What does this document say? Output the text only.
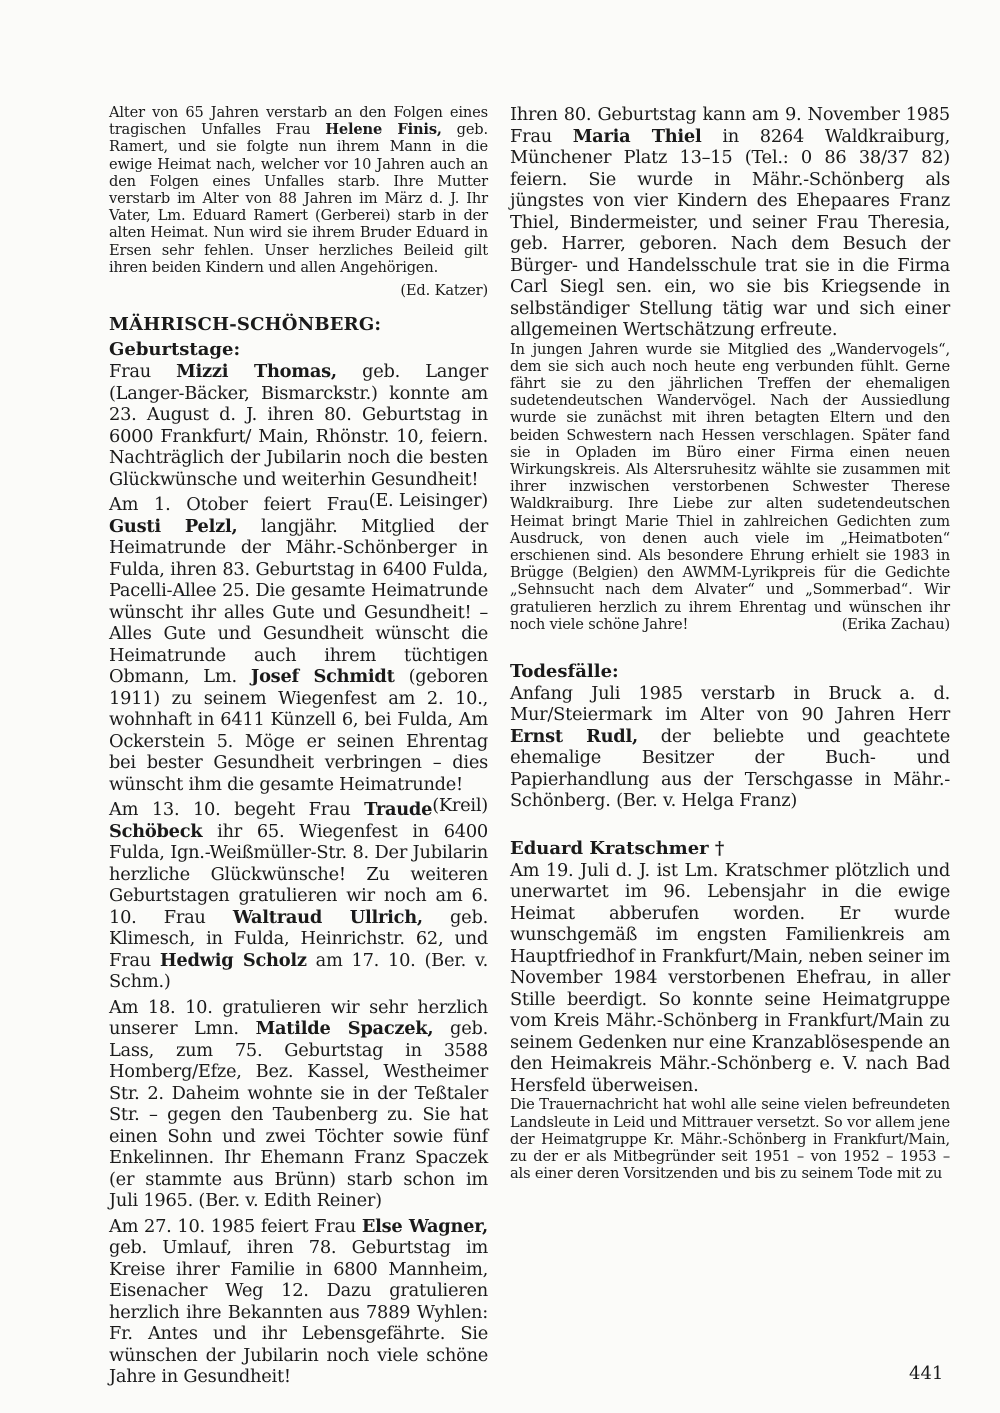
Alter von 65 Jahren verstarb an den Folgen eines tragischen Unfalles Frau Helene Finis, geb. Ramert, und sie folgte nun ihrem Mann in die ewige Heimat nach, welcher vor 10 Jahren auch an den Folgen eines Unfalles starb. Ihre Mutter verstarb im Alter von 88 Jahren im März d. J. Ihr Vater, Lm. Eduard Ramert (Gerberei) starb in der alten Heimat. Nun wird sie ihrem Bruder Eduard in Ersen sehr fehlen. Unser herzliches Beileid gilt ihren beiden Kindern und allen Angehörigen.

(Ed. Katzer)

MÄHRISCH-SCHÖNBERG:
Geburtstage:

Frau Mizzi Thomas, geb. Langer (Langer-Bäcker, Bismarckstr.) konnte am 23. August d. J. ihren 80. Geburtstag in 6000 Frankfurt/ Main, Rhönstr. 10, feiern. Nachträglich der Jubilarin noch die besten Glückwünsche und weiterhin Gesundheit!
(E. Leisinger)

Am 1. Otober feiert Frau Gusti Pelzl, langjähr. Mitglied der Heimatrunde der Mähr.-Schönberger in Fulda, ihren 83. Geburtstag in 6400 Fulda, Pacelli-Allee 25. Die gesamte Heimatrunde wünscht ihr alles Gute und Gesundheit! – Alles Gute und Gesundheit wünscht die Heimatrunde auch ihrem tüchtigen Obmann, Lm. Josef Schmidt (geboren 1911) zu seinem Wiegenfest am 2. 10., wohnhaft in 6411 Künzell 6, bei Fulda, Am Ockerstein 5. Möge er seinen Ehrentag bei bester Gesundheit verbringen – dies wünscht ihm die gesamte Heimatrunde!
(Kreil)

Am 13. 10. begeht Frau Traude Schöbeck ihr 65. Wiegenfest in 6400 Fulda, Ign.-Weißmüller-Str. 8. Der Jubilarin herzliche Glückwünsche! Zu weiteren Geburtstagen gratulieren wir noch am 6. 10. Frau Waltraud Ullrich, geb. Klimesch, in Fulda, Heinrichstr. 62, und Frau Hedwig Scholz am 17. 10. (Ber. v. Schm.)

Am 18. 10. gratulieren wir sehr herzlich unserer Lmn. Matilde Spaczek, geb. Lass, zum 75. Geburtstag in 3588 Homberg/Efze, Bez. Kassel, Westheimer Str. 2. Daheim wohnte sie in der Teßtaler Str. – gegen den Taubenberg zu. Sie hat einen Sohn und zwei Töchter sowie fünf Enkelinnen. Ihr Ehemann Franz Spaczek (er stammte aus Brünn) starb schon im Juli 1965. (Ber. v. Edith Reiner)

Am 27. 10. 1985 feiert Frau Else Wagner, geb. Umlauf, ihren 78. Geburtstag im Kreise ihrer Familie in 6800 Mannheim, Eisenacher Weg 12. Dazu gratulieren herzlich ihre Bekannten aus 7889 Wyhlen: Fr. Antes und ihr Lebensgefährte. Sie wünschen der Jubilarin noch viele schöne Jahre in Gesundheit!

Ihren 80. Geburtstag kann am 9. November 1985 Frau Maria Thiel in 8264 Waldkraiburg, Münchener Platz 13–15 (Tel.: 0 86 38/37 82) feiern. Sie wurde in Mähr.-Schönberg als jüngstes von vier Kindern des Ehepaares Franz Thiel, Bindermeister, und seiner Frau Theresia, geb. Harrer, geboren. Nach dem Besuch der Bürger- und Handelsschule trat sie in die Firma Carl Siegl sen. ein, wo sie bis Kriegsende in selbständiger Stellung tätig war und sich einer allgemeinen Wertschätzung erfreute.

In jungen Jahren wurde sie Mitglied des „Wandervogels“, dem sie sich auch noch heute eng verbunden fühlt. Gerne fährt sie zu den jährlichen Treffen der ehemaligen sudetendeutschen Wandervögel. Nach der Aussiedlung wurde sie zunächst mit ihren betagten Eltern und den beiden Schwestern nach Hessen verschlagen. Später fand sie in Opladen im Büro einer Firma einen neuen Wirkungskreis. Als Altersruhesitz wählte sie zusammen mit ihrer inzwischen verstorbenen Schwester Therese Waldkraiburg. Ihre Liebe zur alten sudetendeutschen Heimat bringt Marie Thiel in zahlreichen Gedichten zum Ausdruck, von denen auch viele im „Heimatboten“ erschienen sind. Als besondere Ehrung erhielt sie 1983 in Brügge (Belgien) den AWMM-Lyrikpreis für die Gedichte „Sehnsucht nach dem Alvater“ und „Sommerbad“. Wir gratulieren herzlich zu ihrem Ehrentag und wünschen ihr noch viele schöne Jahre!	(Erika Zachau)

Todesfälle:

Anfang Juli 1985 verstarb in Bruck a. d. Mur/Steiermark im Alter von 90 Jahren Herr Ernst Rudl, der beliebte und geachtete ehemalige Besitzer der Buch- und Papierhandlung aus der Terschgasse in Mähr.-Schönberg. (Ber. v. Helga Franz)

Eduard Kratschmer †

Am 19. Juli d. J. ist Lm. Kratschmer plötzlich und unerwartet im 96. Lebensjahr in die ewige Heimat abberufen worden. Er wurde wunschgemäß im engsten Familienkreis am Hauptfriedhof in Frankfurt/Main, neben seiner im November 1984 verstorbenen Ehefrau, in aller Stille beerdigt. So konnte seine Heimatgruppe vom Kreis Mähr.-Schönberg in Frankfurt/Main zu seinem Gedenken nur eine Kranzablösespende an den Heimakreis Mähr.-Schönberg e. V. nach Bad Hersfeld überweisen.

Die Trauernachricht hat wohl alle seine vielen befreundeten Landsleute in Leid und Mittrauer versetzt. So vor allem jene der Heimatgruppe Kr. Mähr.-Schönberg in Frankfurt/Main, zu der er als Mitbegründer seit 1951 – von 1952 – 1953 – als einer deren Vorsitzenden und bis zu seinem Tode mit zu

441
